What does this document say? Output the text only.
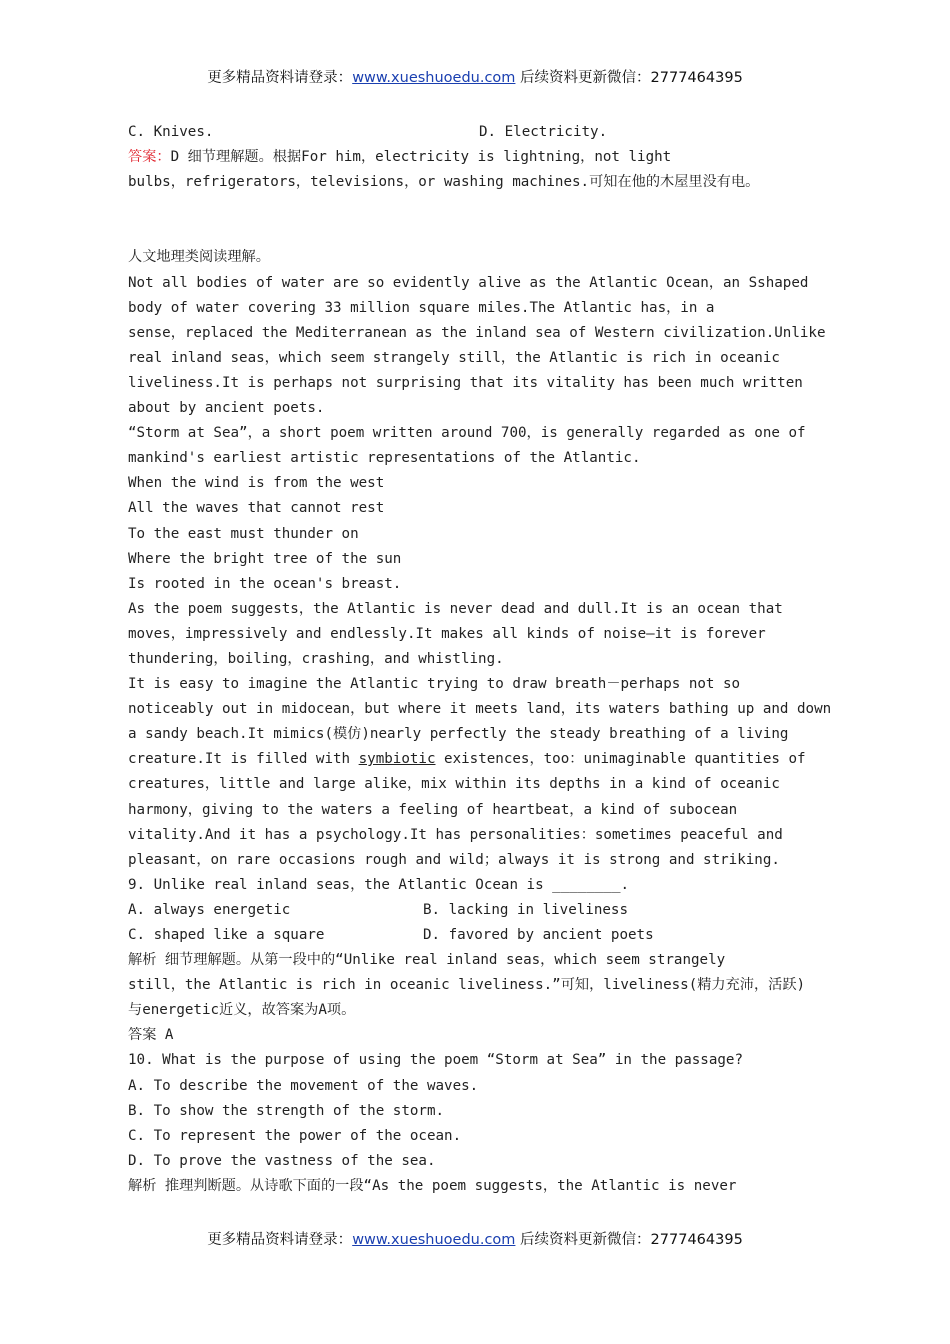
更多精品资料请登录：www.xueshuoedu.com 后续资料更新微信：2777464395
C. Knives.	D. Electricity.
答案：D 细节理解题。根据For him，electricity is lightning，not light
bulbs，refrigerators，televisions，or washing machines.可知在他的木屋里没有电。
人文地理类阅读理解。
Not all bodies of water are so evidently alive as the Atlantic Ocean，an Sshaped
body of water covering 33 million square miles.The Atlantic has，in a
sense，replaced the Mediterranean as the inland sea of Western civilization.Unlike
real inland seas，which seem strangely still，the Atlantic is rich in oceanic
liveliness.It is perhaps not surprising that its vitality has been much written
about by ancient poets.
“Storm at Sea”，a short poem written around 700，is generally regarded as one of
mankind's earliest artistic representations of the Atlantic.
When the wind is from the west
All the waves that cannot rest
To the east must thunder on
Where the bright tree of the sun
Is rooted in the ocean's breast.
As the poem suggests，the Atlantic is never dead and dull.It is an ocean that
moves，impressively and endlessly.It makes all kinds of noise—it is forever
thundering，boiling，crashing，and whistling.
It is easy to imagine the Atlantic trying to draw breath－perhaps not so
noticeably out in midocean，but where it meets land，its waters bathing up and down
a sandy beach.It mimics(模仿)nearly perfectly the steady breathing of a living
creature.It is filled with symbiotic existences，too：unimaginable quantities of
creatures，little and large alike，mix within its depths in a kind of oceanic
harmony，giving to the waters a feeling of heartbeat，a kind of subocean
vitality.And it has a psychology.It has personalities：sometimes peaceful and
pleasant，on rare occasions rough and wild；always it is strong and striking.
9. Unlike real inland seas，the Atlantic Ocean is ________.
A. always energetic	B. lacking in liveliness
C. shaped like a square	D. favored by ancient poets
解析 细节理解题。从第一段中的“Unlike real inland seas，which seem strangely
still，the Atlantic is rich in oceanic liveliness.”可知，liveliness(精力充沛，活跃)
与energetic近义，故答案为A项。
答案 A
10. What is the purpose of using the poem “Storm at Sea” in the passage?
A. To describe the movement of the waves.
B. To show the strength of the storm.
C. To represent the power of the ocean.
D. To prove the vastness of the sea.
解析 推理判断题。从诗歌下面的一段“As the poem suggests，the Atlantic is never
更多精品资料请登录：www.xueshuoedu.com 后续资料更新微信：2777464395
